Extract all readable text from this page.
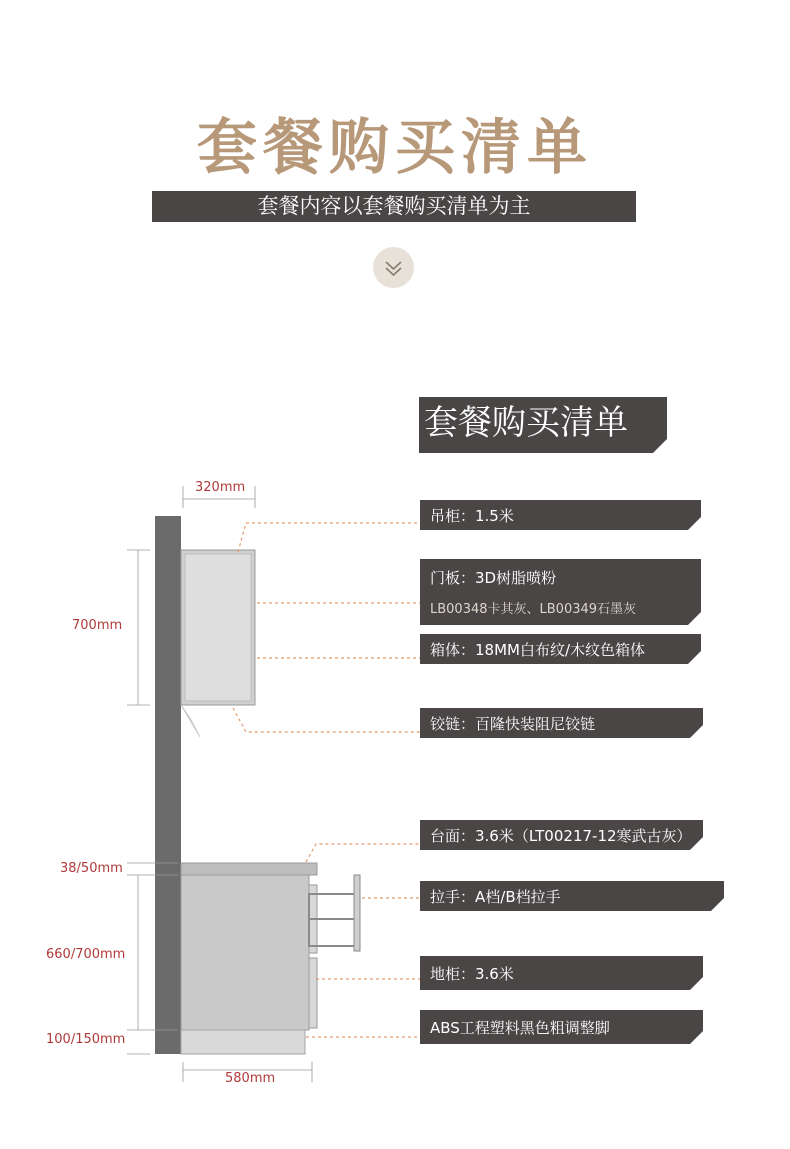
套餐购买清单
套餐内容以套餐购买清单为主
套餐购买清单
320mm
700mm
38/50mm
660/700mm
100/150mm
580mm
吊柜：1.5米
门板：3D树脂喷粉
LB00348卡其灰、LB00349石墨灰
箱体：18MM白布纹/木纹色箱体
铰链：百隆快装阻尼铰链
台面：3.6米（LT00217-12寒武古灰）
拉手：A档/B档拉手
地柜：3.6米
ABS工程塑料黑色粗调整脚
